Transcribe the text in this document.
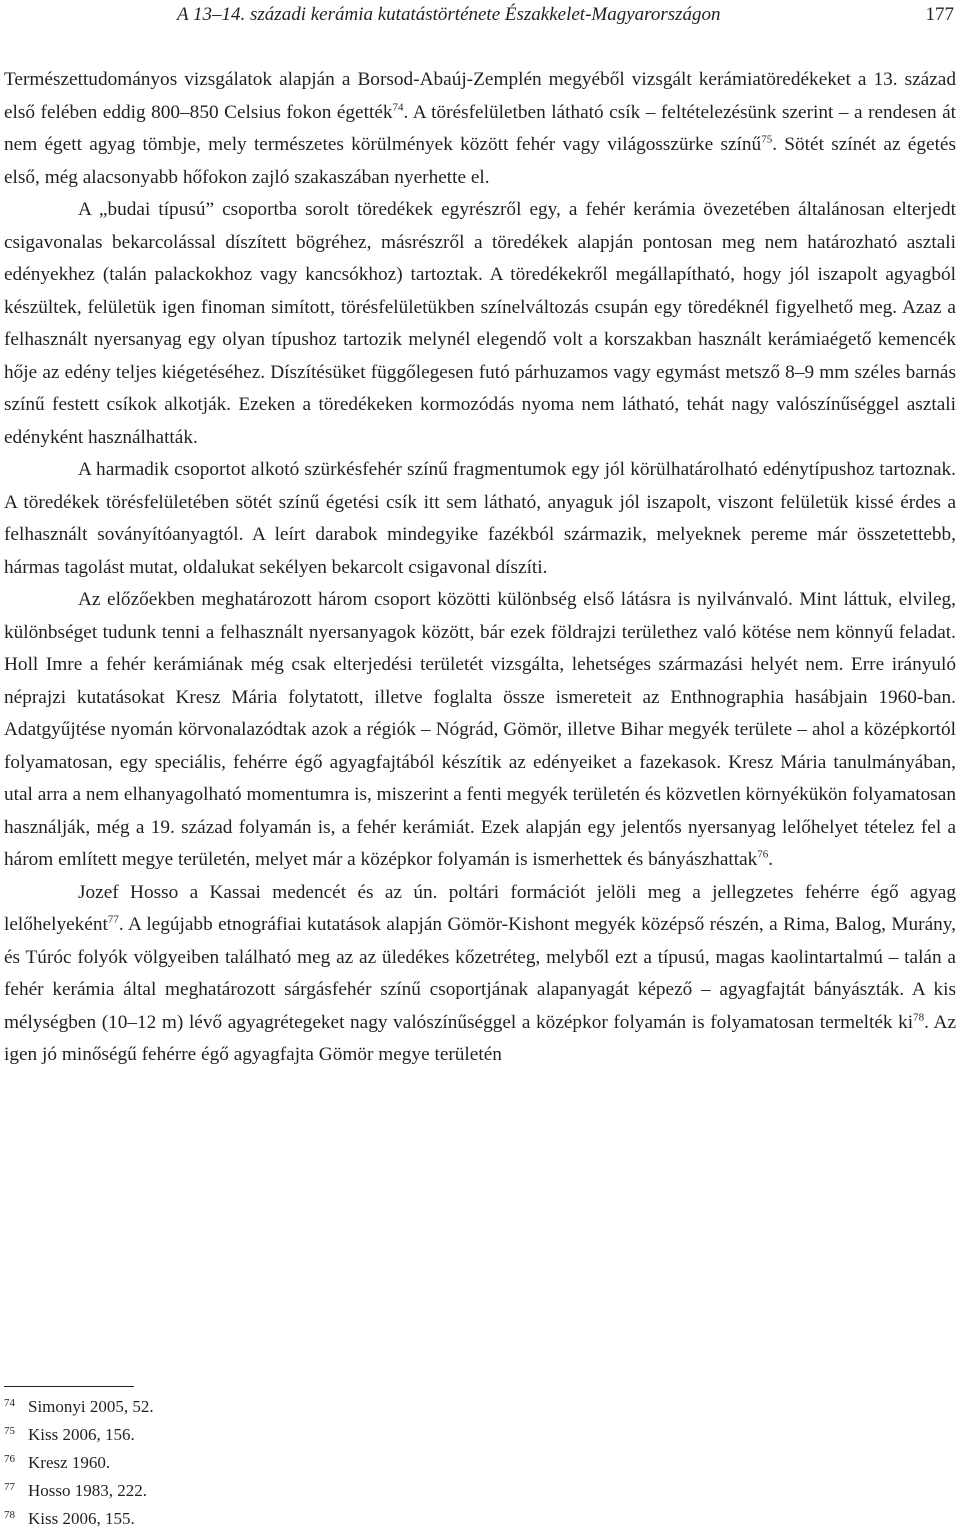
A 13–14. századi kerámia kutatástörténete Északkelet-Magyarországon	177

Természettudományos vizsgálatok alapján a Borsod-Abaúj-Zemplén megyéből vizsgált kerámiatöredékeket a 13. század első felében eddig 800–850 Celsius fokon égették$^{74}$. A törésfelületben látható csík – feltételezésünk szerint – a rendesen át nem égett agyag tömbje, mely természetes körülmények között fehér vagy világosszürke színű$^{75}$. Sötét színét az égetés első, még alacsonyabb hőfokon zajló szakaszában nyerhette el.

A „budai típusú” csoportba sorolt töredékek egyrészről egy, a fehér kerámia övezetében általánosan elterjedt csigavonalas bekarcolással díszített bögréhez, másrészről a töredékek alapján pontosan meg nem határozható asztali edényekhez (talán palackokhoz vagy kancsókhoz) tartoztak. A töredékekről megállapítható, hogy jól iszapolt agyagból készültek, felületük igen finoman simított, törésfelületükben színelváltozás csupán egy töredéknél figyelhető meg. Azaz a felhasznált nyersanyag egy olyan típushoz tartozik melynél elegendő volt a korszakban használt kerámiaégető kemencék hője az edény teljes kiégetéséhez. Díszítésüket függőlegesen futó párhuzamos vagy egymást metsző 8–9 mm széles barnás színű festett csíkok alkotják. Ezeken a töredékeken kormozódás nyoma nem látható, tehát nagy valószínűséggel asztali edényként használhatták.

A harmadik csoportot alkotó szürkésfehér színű fragmentumok egy jól körülhatárolható edénytípushoz tartoznak. A töredékek törésfelületében sötét színű égetési csík itt sem látható, anyaguk jól iszapolt, viszont felületük kissé érdes a felhasznált soványítóanyagtól. A leírt darabok mindegyike fazékból származik, melyeknek pereme már összetettebb, hármas tagolást mutat, oldalukat sekélyen bekarcolt csigavonal díszíti.

Az előzőekben meghatározott három csoport közötti különbség első látásra is nyilvánvaló. Mint láttuk, elvileg, különbséget tudunk tenni a felhasznált nyersanyagok között, bár ezek földrajzi területhez való kötése nem könnyű feladat. Holl Imre a fehér kerámiának még csak elterjedési területét vizsgálta, lehetséges származási helyét nem. Erre irányuló néprajzi kutatásokat Kresz Mária folytatott, illetve foglalta össze ismereteit az Enthnographia hasábjain 1960-ban. Adatgyűjtése nyomán körvonalazódtak azok a régiók – Nógrád, Gömör, illetve Bihar megyék területe – ahol a középkortól folyamatosan, egy speciális, fehérre égő agyagfajtából készítik az edényeiket a fazekasok. Kresz Mária tanulmányában, utal arra a nem elhanyagolható momentumra is, miszerint a fenti megyék területén és közvetlen környékükön folyamatosan használják, még a 19. század folyamán is, a fehér kerámiát. Ezek alapján egy jelentős nyersanyag lelőhelyet tételez fel a három említett megye területén, melyet már a középkor folyamán is ismerhettek és bányászhattak$^{76}$.

Jozef Hosso a Kassai medencét és az ún. poltári formációt jelöli meg a jellegzetes fehérre égő agyag lelőhelyeként$^{77}$. A legújabb etnográfiai kutatások alapján Gömör-Kishont megyék középső részén, a Rima, Balog, Murány, és Túróc folyók völgyeiben található meg az az üledékes kőzetréteg, melyből ezt a típusú, magas kaolintartalmú – talán a fehér kerámia által meghatározott sárgásfehér színű csoportjának alapanyagát képező – agyagfajtát bányászták. A kis mélységben (10–12 m) lévő agyagrétegeket nagy valószínűséggel a középkor folyamán is folyamatosan termelték ki$^{78}$. Az igen jó minőségű fehérre égő agyagfajta Gömör megye területén

74 Simonyi 2005, 52.
75 Kiss 2006, 156.
76 Kresz 1960.
77 Hosso 1983, 222.
78 Kiss 2006, 155.
